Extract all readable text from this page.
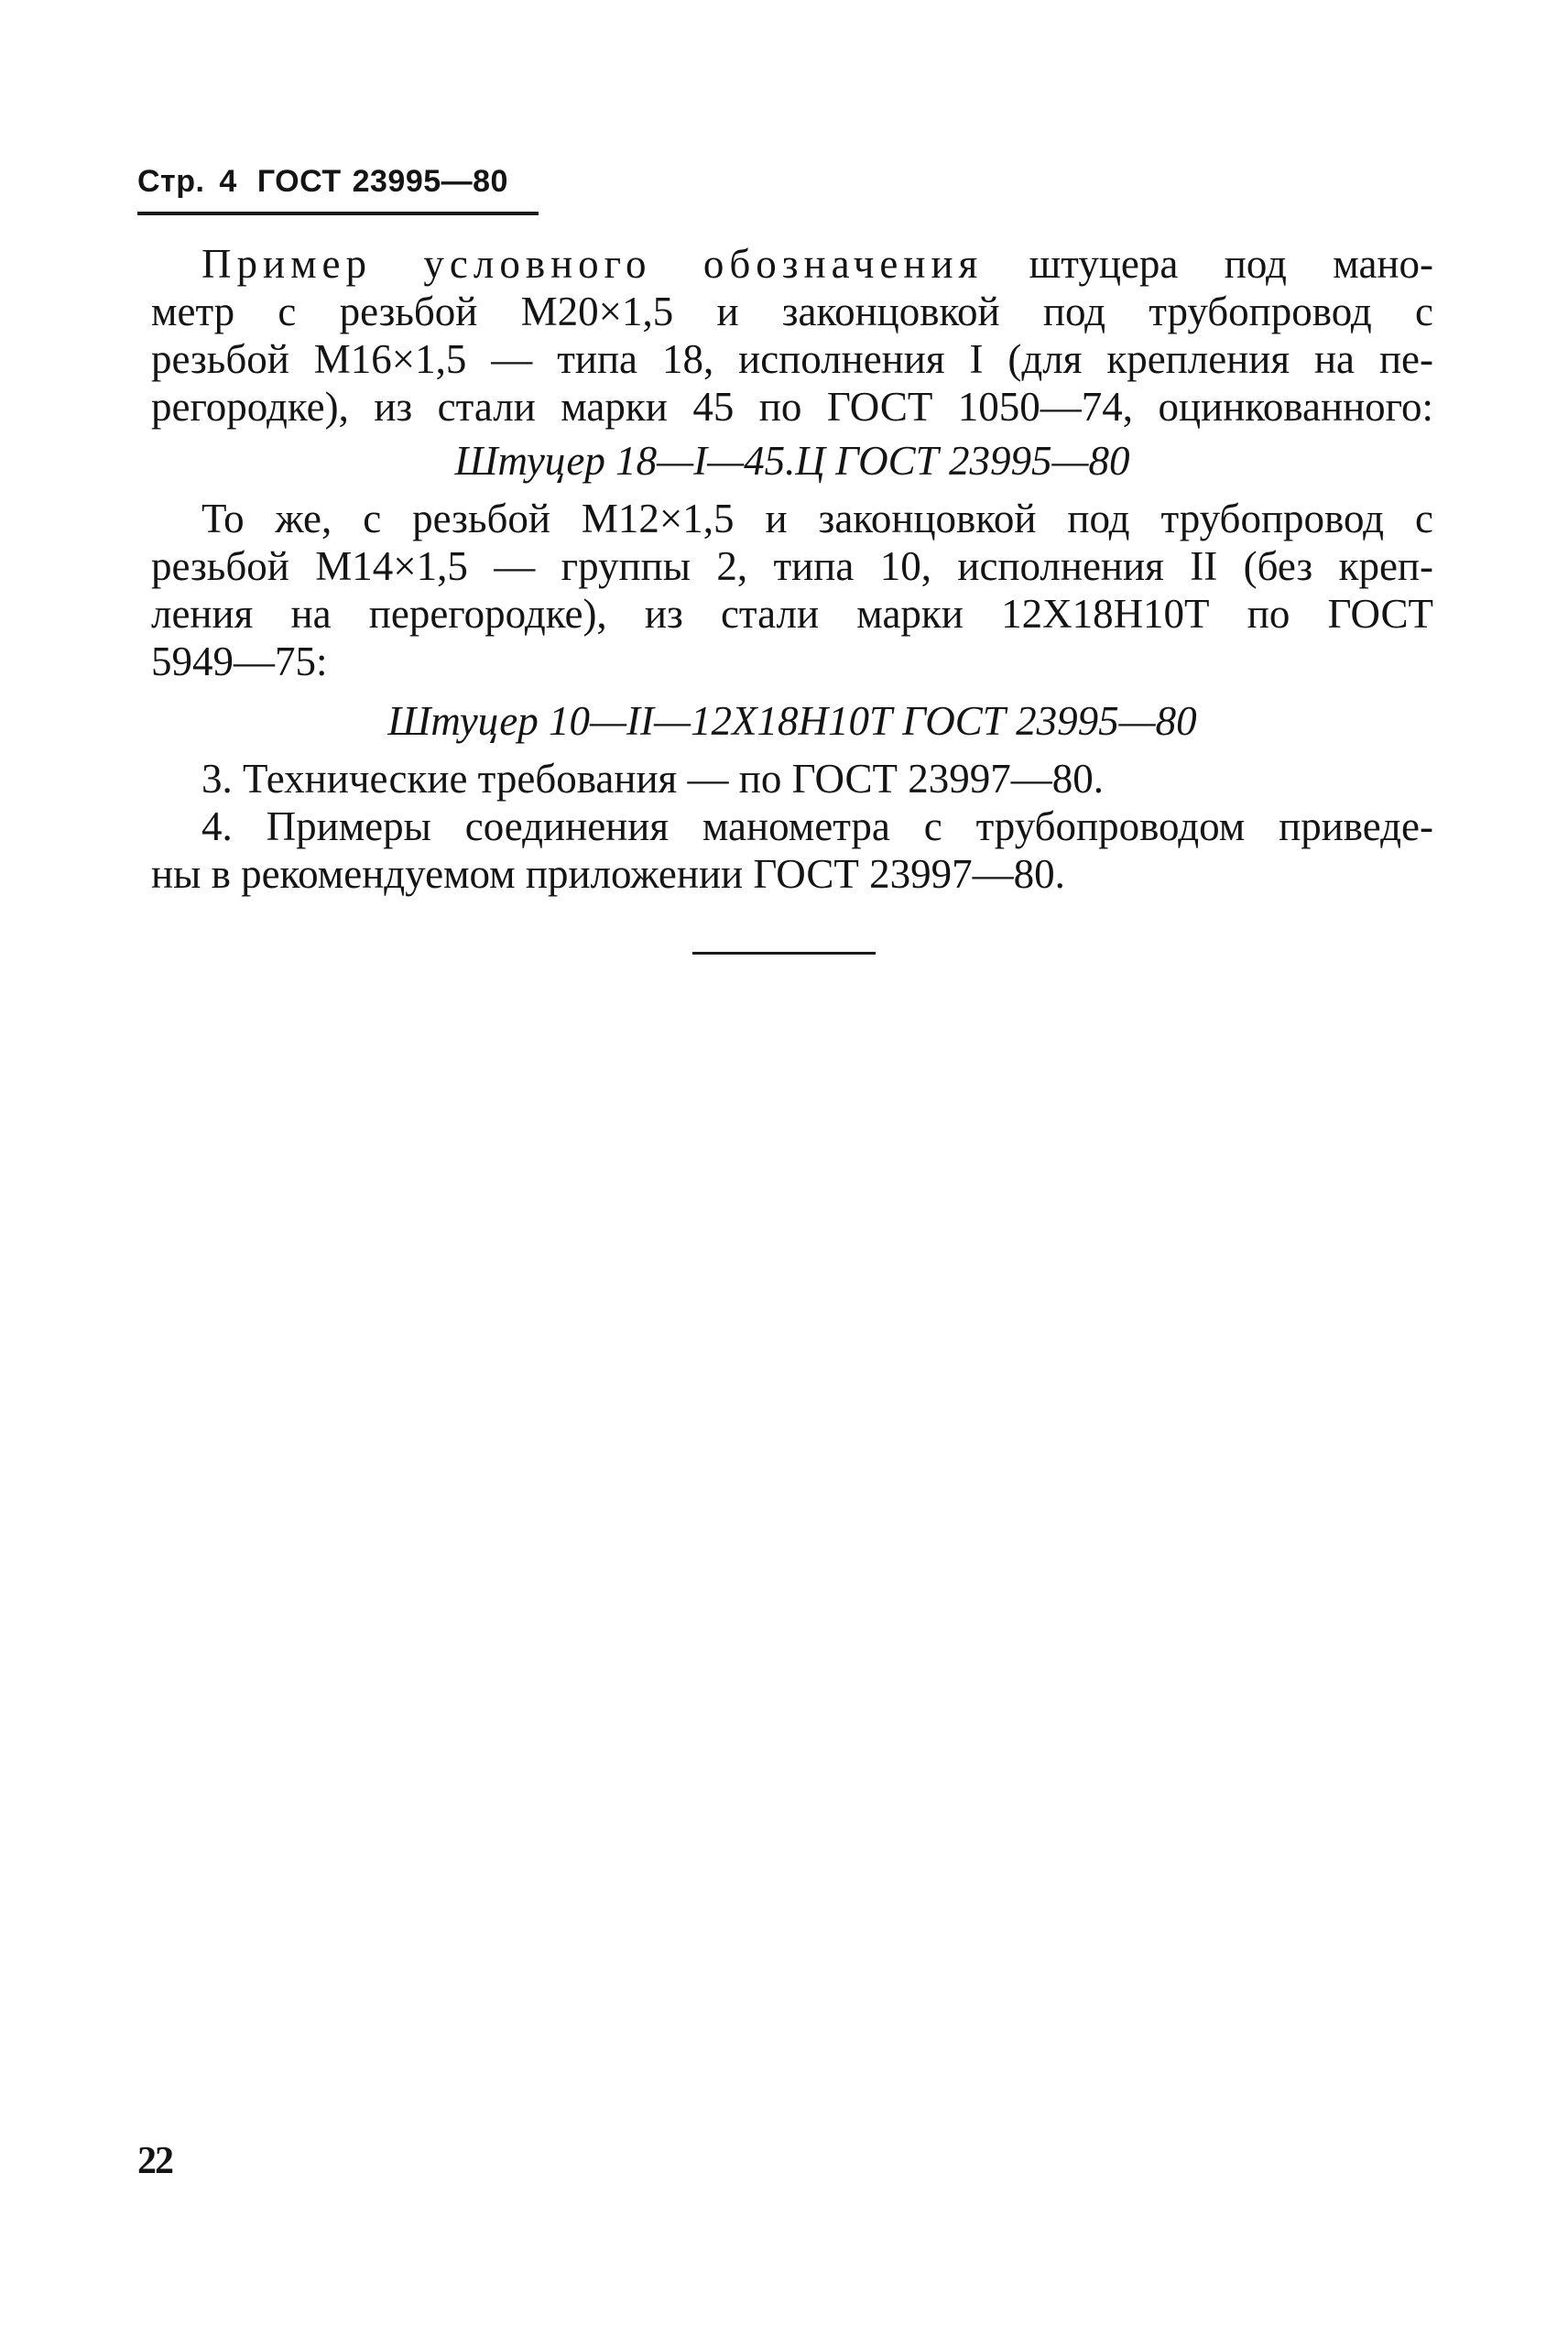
Стр. 4 ГОСТ 23995—80
Пример условного обозначения штуцера под мано-
метр с резьбой М20×1,5 и законцовкой под трубопровод с
резьбой М16×1,5 — типа 18, исполнения I (для крепления на пе-
регородке), из стали марки 45 по ГОСТ 1050—74, оцинкованного:
Штуцер 18—I—45.Ц ГОСТ 23995—80
То же, с резьбой М12×1,5 и законцовкой под трубопровод с
резьбой М14×1,5 — группы 2, типа 10, исполнения II (без креп-
ления на перегородке), из стали марки 12Х18Н10Т по ГОСТ
5949—75:
Штуцер 10—II—12Х18Н10Т ГОСТ 23995—80
3. Технические требования — по ГОСТ 23997—80.
4. Примеры соединения манометра с трубопроводом приведе-
ны в рекомендуемом приложении ГОСТ 23997—80.
22
